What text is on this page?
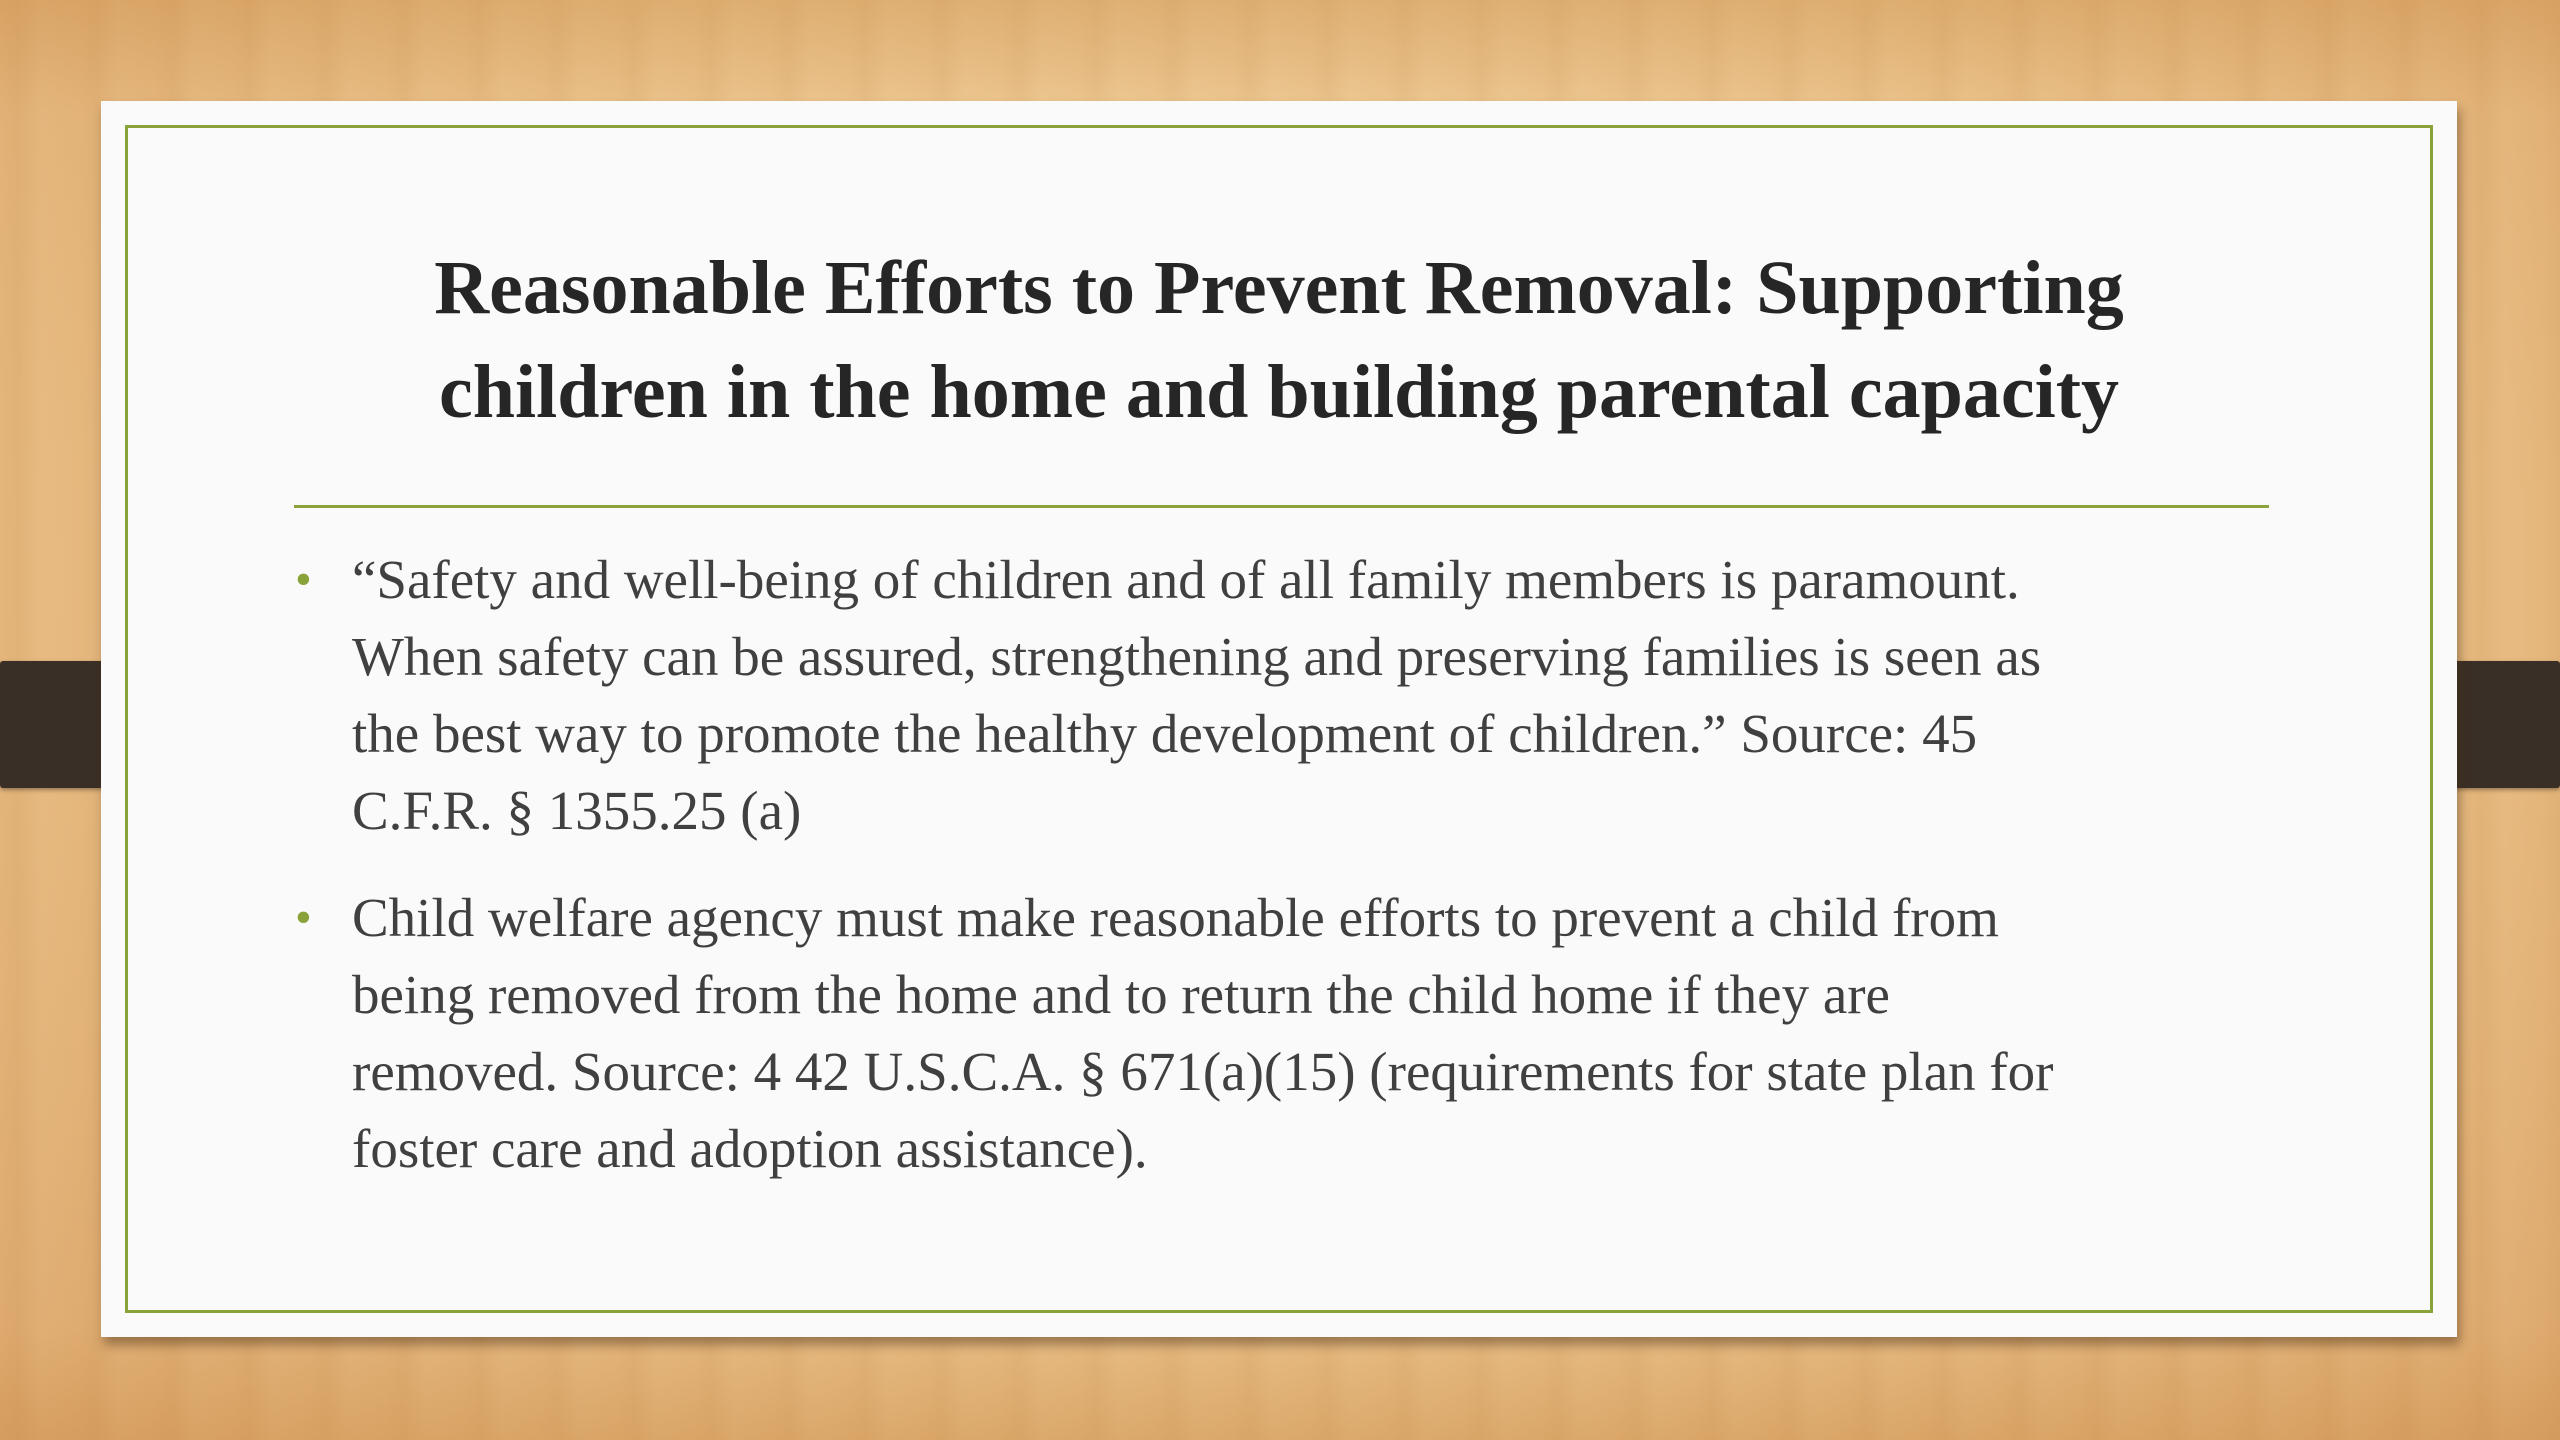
Reasonable Efforts to Prevent Removal: Supporting
children in the home and building parental capacity
• “Safety and well-being of children and of all family members is paramount.
When safety can be assured, strengthening and preserving families is seen as
the best way to promote the healthy development of children.” Source: 45
C.F.R. § 1355.25 (a)
• Child welfare agency must make reasonable efforts to prevent a child from
being removed from the home and to return the child home if they are
removed. Source: 4 42 U.S.C.A. § 671(a)(15) (requirements for state plan for
foster care and adoption assistance).
